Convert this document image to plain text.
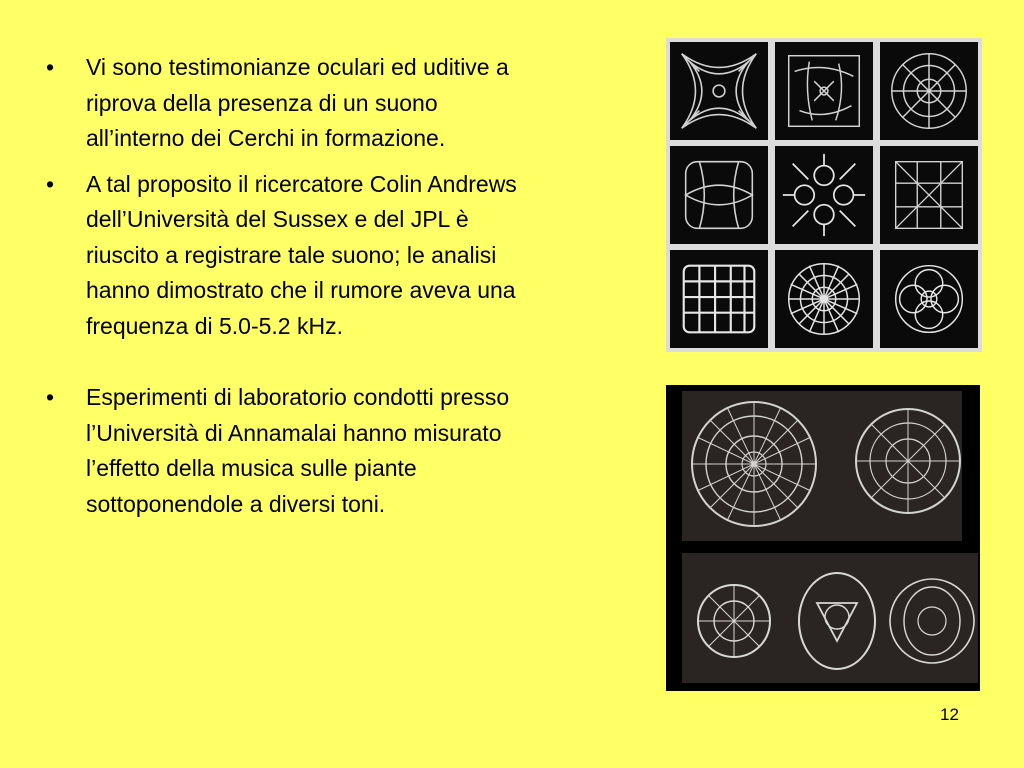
• Vi sono testimonianze oculari ed uditive a
riprova della presenza di un suono
all’interno dei Cerchi in formazione.
• A tal proposito il ricercatore Colin Andrews
dell’Università del Sussex e del JPL è
riuscito a registrare tale suono; le analisi
hanno dimostrato che il rumore aveva una
frequenza di 5.0-5.2 kHz.
• Esperimenti di laboratorio condotti presso
l’Università di Annamalai hanno misurato
l’effetto della musica sulle piante
sottoponendole a diversi toni.
12
